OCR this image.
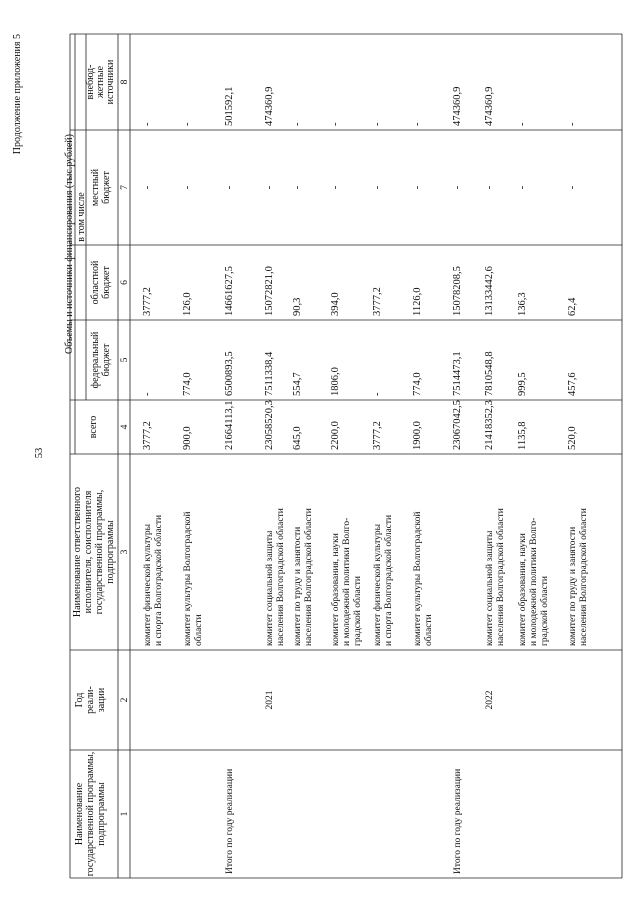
Наименование государственной программы, подпрограммы
Год реали- зации
Наименование ответственного исполнителя, соисполнителя государственной программы, подпрограммы
Объемы и источники финансирования (тыс.рублей)
всего
в том числе
федеральный бюджет
областной бюджет
местный бюджет
внебюд- жетные источники
1
2
3
4
5
6
7
8
53
Продолжение приложения 5
комитет физической культуры и спорта Волгоградской области
3777,2
-
3777,2
-
-
комитет культуры Волгоградской области
900,0
774,0
126,0
-
-
Итого по году реализации
21664113,1
6500893,5
14661627,5
-
501592,1
2021
комитет социальной защиты населения Волгоградской области
23058520,3
7511338,4
15072821,0
-
474360,9
комитет по труду и занятости населения Волгоградской области
645,0
554,7
90,3
-
-
комитет образования, науки и молодежной политики Волго- градской области
2200,0
1806,0
394,0
-
-
комитет физической культуры и спорта Волгоградской области
3777,2
-
3777,2
-
-
комитет культуры Волгоградской области
1900,0
774,0
1126,0
-
-
Итого по году реализации
23067042,5
7514473,1
15078208,5
-
474360,9
2022
комитет социальной защиты населения Волгоградской области
21418352,3
7810548,8
13133442,6
-
474360,9
комитет образования, науки и молодежной политики Волго- градской области
1135,8
999,5
136,3
-
-
комитет по труду и занятости населения Волгоградской области
520,0
457,6
62,4
-
-
